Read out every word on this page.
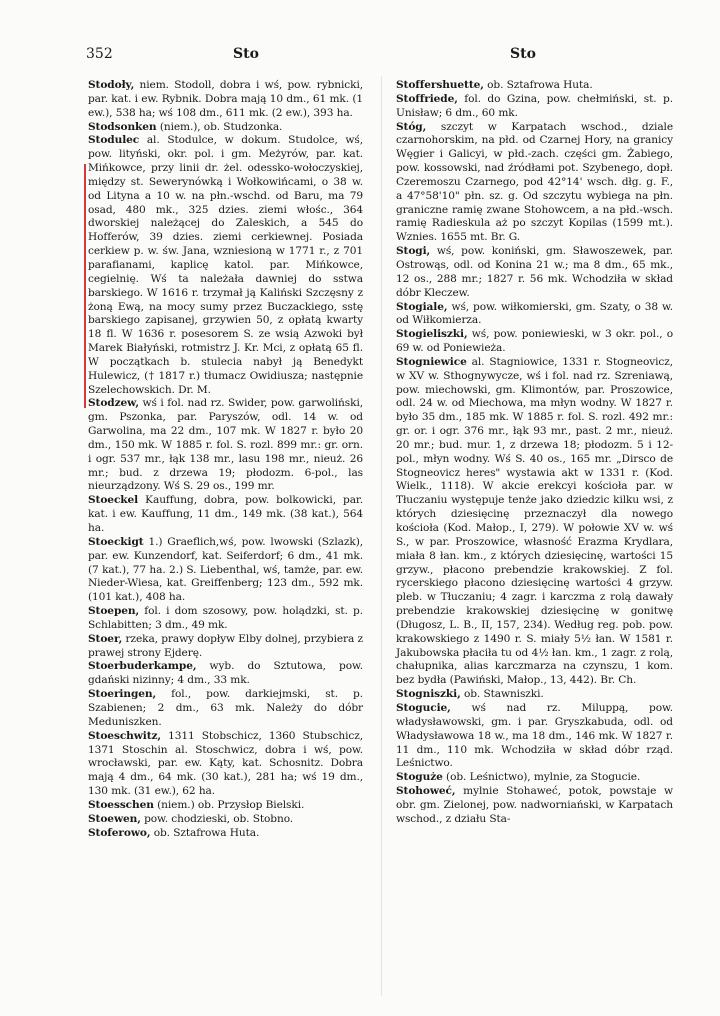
352	Sto	Sto

Stodoły, niem. Stodoll, dobra i wś, pow. rybnicki, par. kat. i ew. Rybnik. Dobra mają 10 dm., 61 mk. (1 ew.), 538 ha; wś 108 dm., 611 mk. (2 ew.), 393 ha.

Stodsonken (niem.), ob. Studzonka.

Stodulec al. Stodulce, w dokum. Studolce, wś, pow. lityński, okr. pol. i gm. Meżyrów, par. kat. Mińkowce, przy linii dr. żel. odessko-wołoczyskiej, między st. Sewerynówką i Wołkowińcami, o 38 w. od Lityna a 10 w. na płn.-wschd. od Baru, ma 79 osad, 480 mk., 325 dzies. ziemi włośc., 364 dworskiej należącej do Zaleskich, a 545 do Hofferów, 39 dzies. ziemi cerkiewnej. Posiada cerkiew p. w. św. Jana, wzniesioną w 1771 r., z 701 parafianami, kaplicę katol. par. Mińkowce, cegielnię. Wś ta należała dawniej do sstwa barskiego. W 1616 r. trzymał ją Kaliński Szczęsny z żoną Ewą, na mocy sumy przez Buczackiego, sstę barskiego zapisanej, grzywien 50, z opłatą kwarty 18 fl. W 1636 r. posesorem S. ze wsią Azwoki był Marek Białyński, rotmistrz J. Kr. Mci, z opłatą 65 fl. W początkach b. stulecia nabył ją Benedykt Hulewicz, († 1817 r.) tłumacz Owidiusza; następnie Szelechowskich. Dr. M.

Stodzew, wś i fol. nad rz. Swider, pow. garwoliński, gm. Pszonka, par. Paryszów, odl. 14 w. od Garwolina, ma 22 dm., 107 mk. W 1827 r. było 20 dm., 150 mk. W 1885 r. fol. S. rozl. 899 mr.: gr. orn. i ogr. 537 mr., łąk 138 mr., lasu 198 mr., nieuż. 26 mr.; bud. z drzewa 19; płodozm. 6-pol., las nieurządzony. Wś S. 29 os., 199 mr.

Stoeckel Kauffung, dobra, pow. bolkowicki, par. kat. i ew. Kauffung, 11 dm., 149 mk. (38 kat.), 564 ha.

Stoeckigt 1.) Graeflich,wś, pow. lwowski (Szlazk), par. ew. Kunzendorf, kat. Seiferdorf; 6 dm., 41 mk. (7 kat.), 77 ha. 2.) S. Liebenthal, wś, tamże, par. ew. Nieder-Wiesa, kat. Greiffenberg; 123 dm., 592 mk. (101 kat.), 408 ha.

Stoepen, fol. i dom szosowy, pow. holądzki, st. p. Schlabitten; 3 dm., 49 mk.

Stoer, rzeka, prawy dopływ Elby dolnej, przybiera z prawej strony Ejderę.

Stoerbuderkampe, wyb. do Sztutowa, pow. gdański nizinny; 4 dm., 33 mk.

Stoeringen, fol., pow. darkiejmski, st. p. Szabienen; 2 dm., 63 mk. Należy do dóbr Meduniszken.

Stoeschwitz, 1311 Stobschicz, 1360 Stubschicz, 1371 Stoschin al. Stoschwicz, dobra i wś, pow. wrocławski, par. ew. Kąty, kat. Schosnitz. Dobra mają 4 dm., 64 mk. (30 kat.), 281 ha; wś 19 dm., 130 mk. (31 ew.), 62 ha.

Stoesschen (niem.) ob. Przysłop Bielski.

Stoewen, pow. chodzieski, ob. Stobno.

Stoferowo, ob. Sztafrowa Huta.

Stoffershuette, ob. Sztafrowa Huta.

Stoffriede, fol. do Gzina, pow. chełmiński, st. p. Unisław; 6 dm., 60 mk.

Stóg, szczyt w Karpatach wschod., dziale czarnohorskim, na płd. od Czarnej Hory, na granicy Węgier i Galicyi, w płd.-zach. części gm. Żabiego, pow. kossowski, nad źródłami pot. Szybenego, dopł. Czeremoszu Czarnego, pod 42°14' wsch. dłg. g. F., a 47°58'10" płn. sz. g. Od szczytu wybiega na płn. graniczne ramię zwane Stohowcem, a na płd.-wsch. ramię Radieskula aż po szczyt Kopilas (1599 mt.). Wznies. 1655 mt. Br. G.

Stogi, wś, pow. koniński, gm. Sławoszewek, par. Ostrowąs, odl. od Konina 21 w.; ma 8 dm., 65 mk., 12 os., 288 mr.; 1827 r. 56 mk. Wchodziła w skład dóbr Kleczew.

Stogiale, wś, pow. wiłkomierski, gm. Szaty, o 38 w. od Wiłkomierza.

Stogieliszki, wś, pow. poniewieski, w 3 okr. pol., o 69 w. od Poniewieża.

Stogniewice al. Stagniowice, 1331 r. Stogneovicz, w XV w. Sthognywycze, wś i fol. nad rz. Szreniawą, pow. miechowski, gm. Klimontów, par. Proszowice, odl. 24 w. od Miechowa, ma młyn wodny. W 1827 r. było 35 dm., 185 mk. W 1885 r. fol. S. rozl. 492 mr.: gr. or. i ogr. 376 mr., łąk 93 mr., past. 2 mr., nieuż. 20 mr.; bud. mur. 1, z drzewa 18; płodozm. 5 i 12-pol., młyn wodny. Wś S. 40 os., 165 mr. „Dirsco de Stogneovicz heres" wystawia akt w 1331 r. (Kod. Wielk., 1118). W akcie erekcyi kościoła par. w Tłuczaniu występuje tenże jako dziedzic kilku wsi, z których dziesięcinę przeznaczył dla nowego kościoła (Kod. Małop., I, 279). W połowie XV w. wś S., w par. Proszowice, własność Erazma Krydlara, miała 8 łan. km., z których dziesięcinę, wartości 15 grzyw., płacono prebendzie krakowskiej. Z fol. rycerskiego płacono dziesięcinę wartości 4 grzyw. pleb. w Tłuczaniu; 4 zagr. i karczma z rolą dawały prebendzie krakowskiej dziesięcinę w gonitwę (Długosz, L. B., II, 157, 234). Według reg. pob. pow. krakowskiego z 1490 r. S. miały 5½ łan. W 1581 r. Jakubowska płaciła tu od 4½ łan. km., 1 zagr. z rolą, chałupnika, alias karczmarza na czynszu, 1 kom. bez bydła (Pawiński, Małop., 13, 442). Br. Ch.

Stogniszki, ob. Stawniszki.

Stogucie, wś nad rz. Miluppą, pow. władysławowski, gm. i par. Gryszkabuda, odl. od Władysławowa 18 w., ma 18 dm., 146 mk. W 1827 r. 11 dm., 110 mk. Wchodziła w skład dóbr rząd. Leśnictwo.

Stoguże (ob. Leśnictwo), mylnie, za Stogucie.

Stohoweć, mylnie Stohaweć, potok, powstaje w obr. gm. Zielonej, pow. nadworniański, w Karpatach wschod., z działu Sta-
